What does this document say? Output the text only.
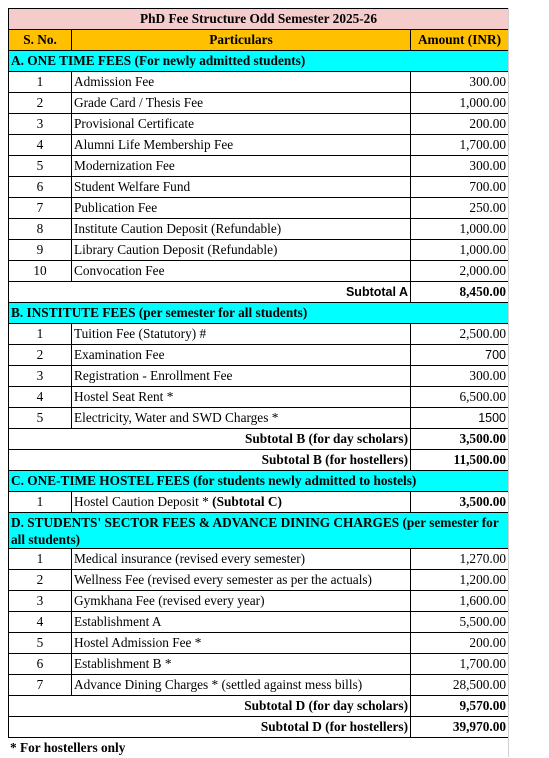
PhD Fee Structure Odd Semester 2025-26		
S. No.	Particulars	Amount (INR)
A. ONE TIME FEES (For newly admitted students)		
1	Admission Fee	300.00
2	Grade Card / Thesis Fee	1,000.00
3	Provisional Certificate	200.00
4	Alumni Life Membership Fee	1,700.00
5	Modernization Fee	300.00
6	Student Welfare Fund	700.00
7	Publication Fee	250.00
8	Institute Caution Deposit (Refundable)	1,000.00
9	Library Caution Deposit (Refundable)	1,000.00
10	Convocation Fee	2,000.00
Subtotal A		8,450.00
B. INSTITUTE FEES (per semester for all students)		
1	Tuition Fee (Statutory) #	2,500.00
2	Examination Fee	700
3	Registration - Enrollment Fee	300.00
4	Hostel Seat Rent *	6,500.00
5	Electricity, Water and SWD Charges *	1500
Subtotal B (for day scholars)		3,500.00
Subtotal B (for hostellers)		11,500.00
C. ONE-TIME HOSTEL FEES (for students newly admitted to hostels)		
1	Hostel Caution Deposit * (Subtotal C)	3,500.00
D. STUDENTS' SECTOR FEES & ADVANCE DINING CHARGES (per semester for all students)		
1	Medical insurance (revised every semester)	1,270.00
2	Wellness Fee (revised every semester as per the actuals)	1,200.00
3	Gymkhana Fee (revised every year)	1,600.00
4	Establishment A	5,500.00
5	Hostel Admission Fee *	200.00
6	Establishment B *	1,700.00
7	Advance Dining Charges * (settled against mess bills)	28,500.00
Subtotal D (for day scholars)		9,570.00
Subtotal D (for hostellers)		39,970.00
* For hostellers only
